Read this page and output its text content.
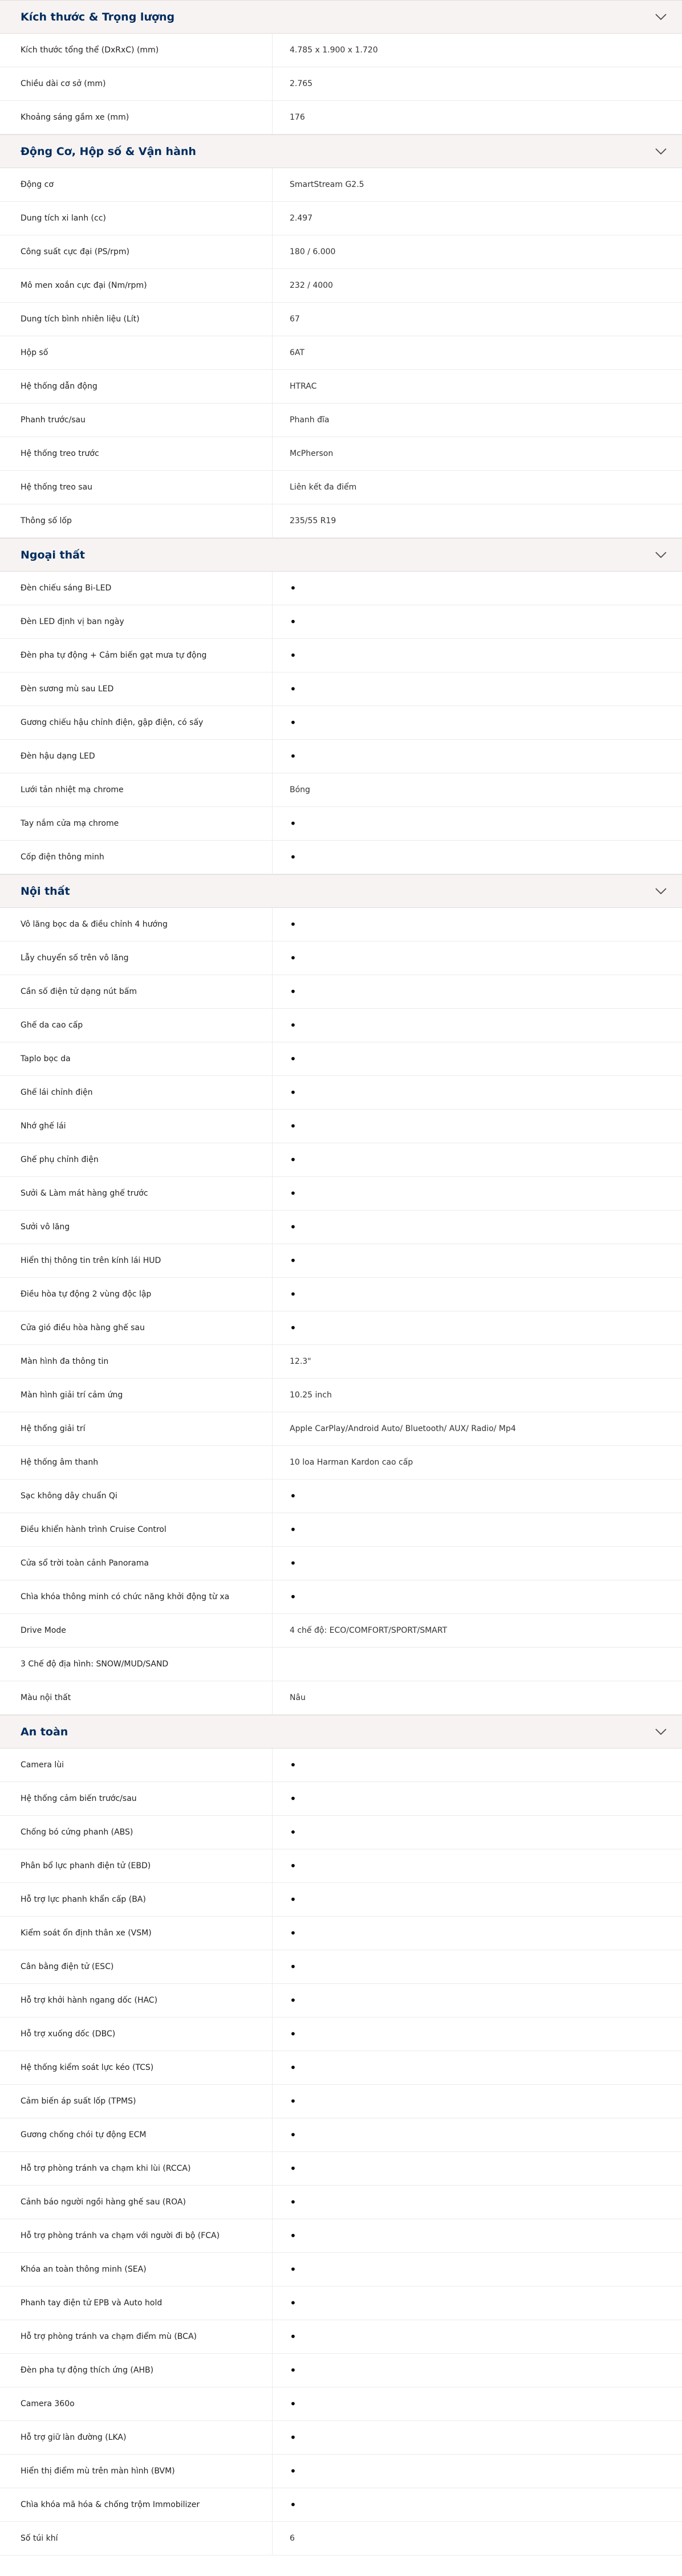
Kích thước & Trọng lượng
Kích thước tổng thể (DxRxC) (mm)	4.785 x 1.900 x 1.720
Chiều dài cơ sở (mm)	2.765
Khoảng sáng gầm xe (mm)	176
Động Cơ, Hộp số & Vận hành
Động cơ	SmartStream G2.5
Dung tích xi lanh (cc)	2.497
Công suất cực đại (PS/rpm)	180 / 6.000
Mô men xoắn cực đại (Nm/rpm)	232 / 4000
Dung tích bình nhiên liệu (Lít)	67
Hộp số	6AT
Hệ thống dẫn động	HTRAC
Phanh trước/sau	Phanh đĩa
Hệ thống treo trước	McPherson
Hệ thống treo sau	Liên kết đa điểm
Thông số lốp	235/55 R19
Ngoại thất
Đèn chiếu sáng Bi-LED	•
Đèn LED định vị ban ngày	•
Đèn pha tự động + Cảm biến gạt mưa tự động	•
Đèn sương mù sau LED	•
Gương chiếu hậu chỉnh điện, gập điện, có sấy	•
Đèn hậu dạng LED	•
Lưới tản nhiệt mạ chrome	Bóng
Tay nắm cửa mạ chrome	•
Cốp điện thông minh	•
Nội thất
Vô lăng bọc da & điều chỉnh 4 hướng	•
Lẫy chuyển số trên vô lăng	•
Cần số điện tử dạng nút bấm	•
Ghế da cao cấp	•
Taplo bọc da	•
Ghế lái chỉnh điện	•
Nhớ ghế lái	•
Ghế phụ chỉnh điện	•
Sưởi & Làm mát hàng ghế trước	•
Sưởi vô lăng	•
Hiển thị thông tin trên kính lái HUD	•
Điều hòa tự động 2 vùng độc lập	•
Cửa gió điều hòa hàng ghế sau	•
Màn hình đa thông tin	12.3"
Màn hình giải trí cảm ứng	10.25 inch
Hệ thống giải trí	Apple CarPlay/Android Auto/ Bluetooth/ AUX/ Radio/ Mp4
Hệ thống âm thanh	10 loa Harman Kardon cao cấp
Sạc không dây chuẩn Qi	•
Điều khiển hành trình Cruise Control	•
Cửa sổ trời toàn cảnh Panorama	•
Chìa khóa thông minh có chức năng khởi động từ xa	•
Drive Mode	4 chế độ: ECO/COMFORT/SPORT/SMART
3 Chế độ địa hình: SNOW/MUD/SAND
Màu nội thất	Nâu
An toàn
Camera lùi	•
Hệ thống cảm biến trước/sau	•
Chống bó cứng phanh (ABS)	•
Phân bổ lực phanh điện tử (EBD)	•
Hỗ trợ lực phanh khẩn cấp (BA)	•
Kiểm soát ổn định thân xe (VSM)	•
Cân bằng điện tử (ESC)	•
Hỗ trợ khởi hành ngang dốc (HAC)	•
Hỗ trợ xuống dốc (DBC)	•
Hệ thống kiểm soát lực kéo (TCS)	•
Cảm biến áp suất lốp (TPMS)	•
Gương chống chói tự động ECM	•
Hỗ trợ phòng tránh va chạm khi lùi (RCCA)	•
Cảnh báo người ngồi hàng ghế sau (ROA)	•
Hỗ trợ phòng tránh va chạm với người đi bộ (FCA)	•
Khóa an toàn thông minh (SEA)	•
Phanh tay điện tử EPB và Auto hold	•
Hỗ trợ phòng tránh va chạm điểm mù (BCA)	•
Đèn pha tự động thích ứng (AHB)	•
Camera 360o	•
Hỗ trợ giữ làn đường (LKA)	•
Hiển thị điểm mù trên màn hình (BVM)	•
Chìa khóa mã hóa & chống trộm Immobilizer	•
Số túi khí	6
